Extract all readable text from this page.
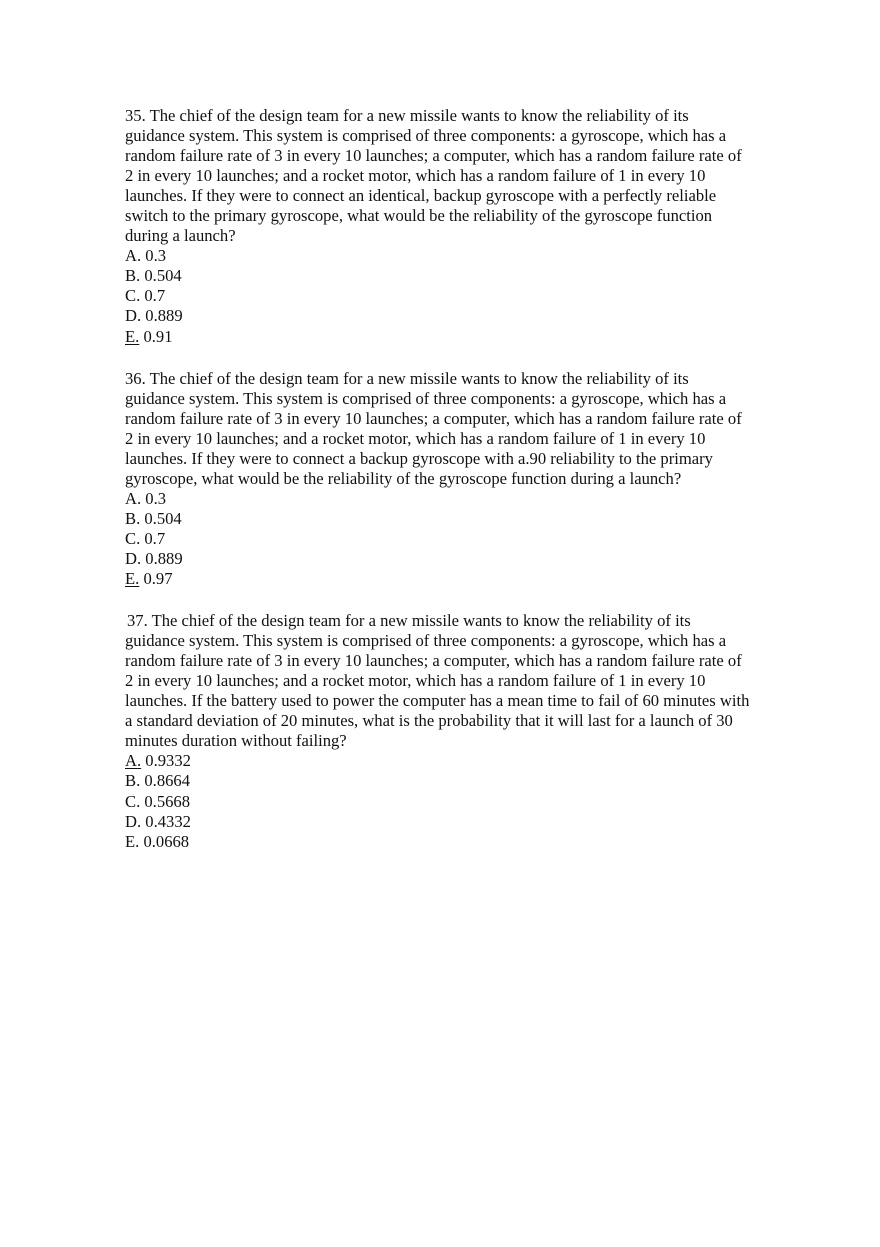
35. The chief of the design team for a new missile wants to know the reliability of its
guidance system. This system is comprised of three components: a gyroscope, which has a
random failure rate of 3 in every 10 launches; a computer, which has a random failure rate of
2 in every 10 launches; and a rocket motor, which has a random failure of 1 in every 10
launches. If they were to connect an identical, backup gyroscope with a perfectly reliable
switch to the primary gyroscope, what would be the reliability of the gyroscope function
during a launch?
A. 0.3
B. 0.504
C. 0.7
D. 0.889
E. 0.91
36. The chief of the design team for a new missile wants to know the reliability of its
guidance system. This system is comprised of three components: a gyroscope, which has a
random failure rate of 3 in every 10 launches; a computer, which has a random failure rate of
2 in every 10 launches; and a rocket motor, which has a random failure of 1 in every 10
launches. If they were to connect a backup gyroscope with a.90 reliability to the primary
gyroscope, what would be the reliability of the gyroscope function during a launch?
A. 0.3
B. 0.504
C. 0.7
D. 0.889
E. 0.97
37. The chief of the design team for a new missile wants to know the reliability of its
guidance system. This system is comprised of three components: a gyroscope, which has a
random failure rate of 3 in every 10 launches; a computer, which has a random failure rate of
2 in every 10 launches; and a rocket motor, which has a random failure of 1 in every 10
launches. If the battery used to power the computer has a mean time to fail of 60 minutes with
a standard deviation of 20 minutes, what is the probability that it will last for a launch of 30
minutes duration without failing?
A. 0.9332
B. 0.8664
C. 0.5668
D. 0.4332
E. 0.0668
